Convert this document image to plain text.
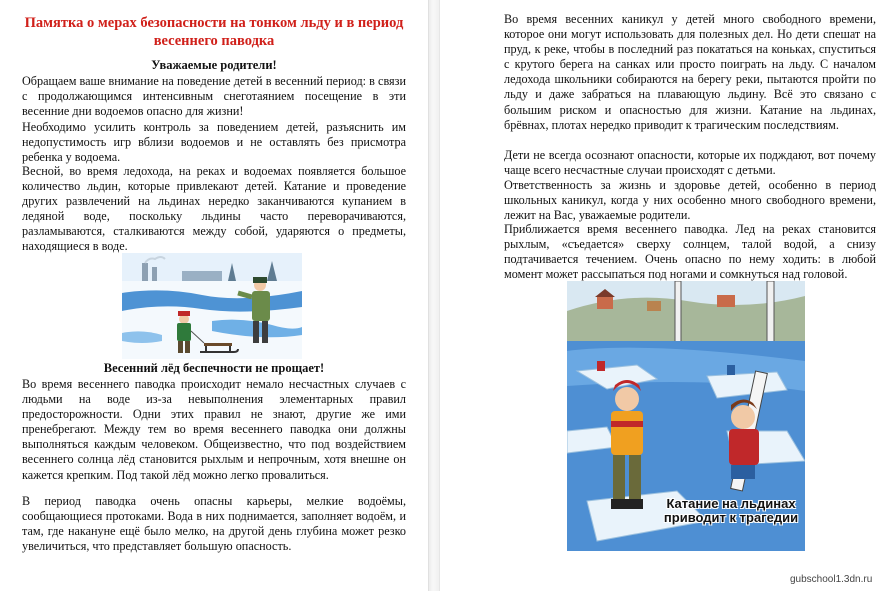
Памятка о мерах безопасности на тонком льду и в период весеннего паводка
Уважаемые родители!
Обращаем ваше внимание на поведение детей в весенний период: в связи с продолжающимся интенсивным снеготаянием посещение в эти весенние дни водоемов опасно для жизни!
Необходимо усилить контроль за поведением детей, разъяснить им недопустимость игр вблизи водоемов и не оставлять без присмотра ребенка у водоема.
Весной, во время ледохода, на реках и водоемах появляется большое количество льдин, которые привлекают детей. Катание и проведение других развлечений на льдинах нередко заканчиваются купанием в ледяной воде, поскольку льдины часто переворачиваются, разламываются, сталкиваются между собой, ударяются о предметы, находящиеся в воде.
Весенний лёд беспечности не прощает!
Во время весеннего паводка происходит немало несчастных случаев с людьми на воде из-за невыполнения элементарных правил предосторожности. Одни этих правил не знают, другие же ими пренебрегают. Между тем во время весеннего паводка они должны выполняться каждым человеком. Общеизвестно, что под воздействием весеннего солнца лёд становится рыхлым и непрочным, хотя внешне он кажется крепким. Под такой лёд можно легко провалиться.
В период паводка очень опасны карьеры, мелкие водоёмы, сообщающиеся протоками. Вода в них поднимается, заполняет водоём, и там, где накануне ещё было мелко, на другой день глубина может резко увеличиться, что представляет большую опасность.
Во время весенних каникул у детей много свободного времени, которое они могут использовать для полезных дел. Но дети спешат на пруд, к реке, чтобы в последний раз покататься на коньках, спуститься с крутого берега на санках или просто поиграть на льду. С началом ледохода школьники собираются на берегу реки, пытаются пройти по льду и даже забраться на плавающую льдину. Всё это связано с большим риском и опасностью для жизни. Катание на льдинах, брёвнах, плотах нередко приводит к трагическим последствиям.
Дети не всегда осознают опасности, которые их подждают, вот почему чаще всего несчастные случаи происходят с детьми.
Ответственность за жизнь и здоровье детей, особенно в период школьных каникул, когда у них особенно много свободного времени, лежит на Вас, уважаемые родители.
Приближается время весеннего паводка. Лед на реках становится рыхлым, «съедается» сверху солнцем, талой водой, а снизу подтачивается течением. Очень опасно по нему ходить: в любой момент может рассыпаться под ногами и сомкнуться над головой.
Катание на льдинах приводит к трагедии
gubschool1.3dn.ru
